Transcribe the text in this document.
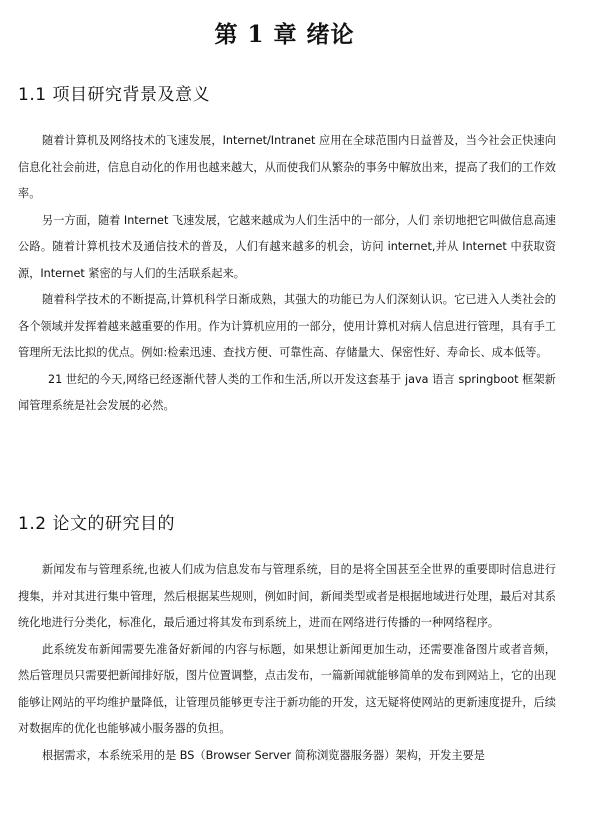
第 1 章 绪论
1.1 项目研究背景及意义

随着计算机及网络技术的飞速发展，Internet/Intranet 应用在全球范围内日益普及，当今社会正快速向信息化社会前进，信息自动化的作用也越来越大，从而使我们从繁杂的事务中解放出来，提高了我们的工作效率。

另一方面，随着 Internet 飞速发展，它越来越成为人们生活中的一部分，人们 亲切地把它叫做信息高速公路。随着计算机技术及通信技术的普及，人们有越来越多的机会，访问 internet,并从 Internet 中获取资源，Internet 紧密的与人们的生活联系起来。

随着科学技术的不断提高,计算机科学日渐成熟，其强大的功能已为人们深刻认识。它已进入人类社会的各个领域并发挥着越来越重要的作用。作为计算机应用的一部分，使用计算机对病人信息进行管理，具有手工管理所无法比拟的优点。例如:检索迅速、查找方便、可靠性高、存储量大、保密性好、寿命长、成本低等。

21 世纪的今天,网络已经逐渐代替人类的工作和生活,所以开发这套基于 java 语言 springboot 框架新闻管理系统是社会发展的必然。

1.2 论文的研究目的

新闻发布与管理系统,也被人们成为信息发布与管理系统，目的是将全国甚至全世界的重要即时信息进行搜集，并对其进行集中管理，然后根据某些规则，例如时间，新闻类型或者是根据地域进行处理，最后对其系统化地进行分类化，标准化，最后通过将其发布到系统上，进而在网络进行传播的一种网络程序。

此系统发布新闻需要先准备好新闻的内容与标题，如果想让新闻更加生动，还需要准备图片或者音频，然后管理员只需要把新闻排好版，图片位置调整，点击发布，一篇新闻就能够简单的发布到网站上，它的出现能够让网站的平均维护量降低，让管理员能够更专注于新功能的开发，这无疑将使网站的更新速度提升，后续对数据库的优化也能够减小服务器的负担。

根据需求，本系统采用的是 BS（Browser Server 简称浏览器服务器）架构，开发主要是
